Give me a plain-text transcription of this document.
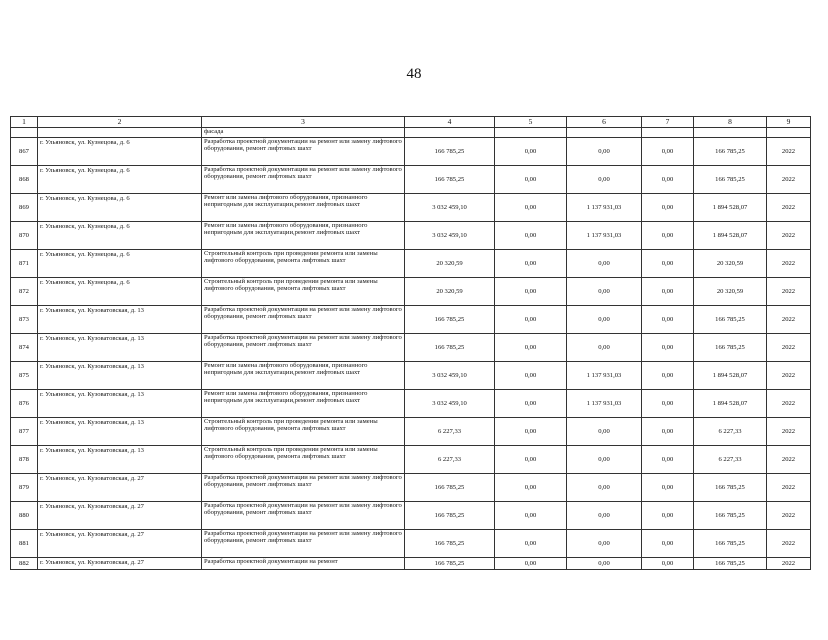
48
1	2	3	4	5	6	7	8	9
		фасада						
867	г. Ульяновск, ул. Кузнецова, д. 6	Разработка проектной документации на ремонт или замену лифтового оборудования, ремонт лифтовых шахт	166 785,25	0,00	0,00	0,00	166 785,25	2022
868	г. Ульяновск, ул. Кузнецова, д. 6	Разработка проектной документации на ремонт или замену лифтового оборудования, ремонт лифтовых шахт	166 785,25	0,00	0,00	0,00	166 785,25	2022
869	г. Ульяновск, ул. Кузнецова, д. 6	Ремонт или замена лифтового оборудования, признанного непригодным для эксплуатации,ремонт лифтовых шахт	3 032 459,10	0,00	1 137 931,03	0,00	1 894 528,07	2022
870	г. Ульяновск, ул. Кузнецова, д. 6	Ремонт или замена лифтового оборудования, признанного непригодным для эксплуатации,ремонт лифтовых шахт	3 032 459,10	0,00	1 137 931,03	0,00	1 894 528,07	2022
871	г. Ульяновск, ул. Кузнецова, д. 6	Строительный контроль при проведении ремонта или замены лифтового оборудования, ремонта лифтовых шахт	20 320,59	0,00	0,00	0,00	20 320,59	2022
872	г. Ульяновск, ул. Кузнецова, д. 6	Строительный контроль при проведении ремонта или замены лифтового оборудования, ремонта лифтовых шахт	20 320,59	0,00	0,00	0,00	20 320,59	2022
873	г. Ульяновск, ул. Кузоватовская, д. 13	Разработка проектной документации на ремонт или замену лифтового оборудования, ремонт лифтовых шахт	166 785,25	0,00	0,00	0,00	166 785,25	2022
874	г. Ульяновск, ул. Кузоватовская, д. 13	Разработка проектной документации на ремонт или замену лифтового оборудования, ремонт лифтовых шахт	166 785,25	0,00	0,00	0,00	166 785,25	2022
875	г. Ульяновск, ул. Кузоватовская, д. 13	Ремонт или замена лифтового оборудования, признанного непригодным для эксплуатации,ремонт лифтовых шахт	3 032 459,10	0,00	1 137 931,03	0,00	1 894 528,07	2022
876	г. Ульяновск, ул. Кузоватовская, д. 13	Ремонт или замена лифтового оборудования, признанного непригодным для эксплуатации,ремонт лифтовых шахт	3 032 459,10	0,00	1 137 931,03	0,00	1 894 528,07	2022
877	г. Ульяновск, ул. Кузоватовская, д. 13	Строительный контроль при проведении ремонта или замены лифтового оборудования, ремонта лифтовых шахт	6 227,33	0,00	0,00	0,00	6 227,33	2022
878	г. Ульяновск, ул. Кузоватовская, д. 13	Строительный контроль при проведении ремонта или замены лифтового оборудования, ремонта лифтовых шахт	6 227,33	0,00	0,00	0,00	6 227,33	2022
879	г. Ульяновск, ул. Кузоватовская, д. 27	Разработка проектной документации на ремонт или замену лифтового оборудования, ремонт лифтовых шахт	166 785,25	0,00	0,00	0,00	166 785,25	2022
880	г. Ульяновск, ул. Кузоватовская, д. 27	Разработка проектной документации на ремонт или замену лифтового оборудования, ремонт лифтовых шахт	166 785,25	0,00	0,00	0,00	166 785,25	2022
881	г. Ульяновск, ул. Кузоватовская, д. 27	Разработка проектной документации на ремонт или замену лифтового оборудования, ремонт лифтовых шахт	166 785,25	0,00	0,00	0,00	166 785,25	2022
882	г. Ульяновск, ул. Кузоватовская, д. 27	Разработка проектной документации на ремонт	166 785,25	0,00	0,00	0,00	166 785,25	2022
